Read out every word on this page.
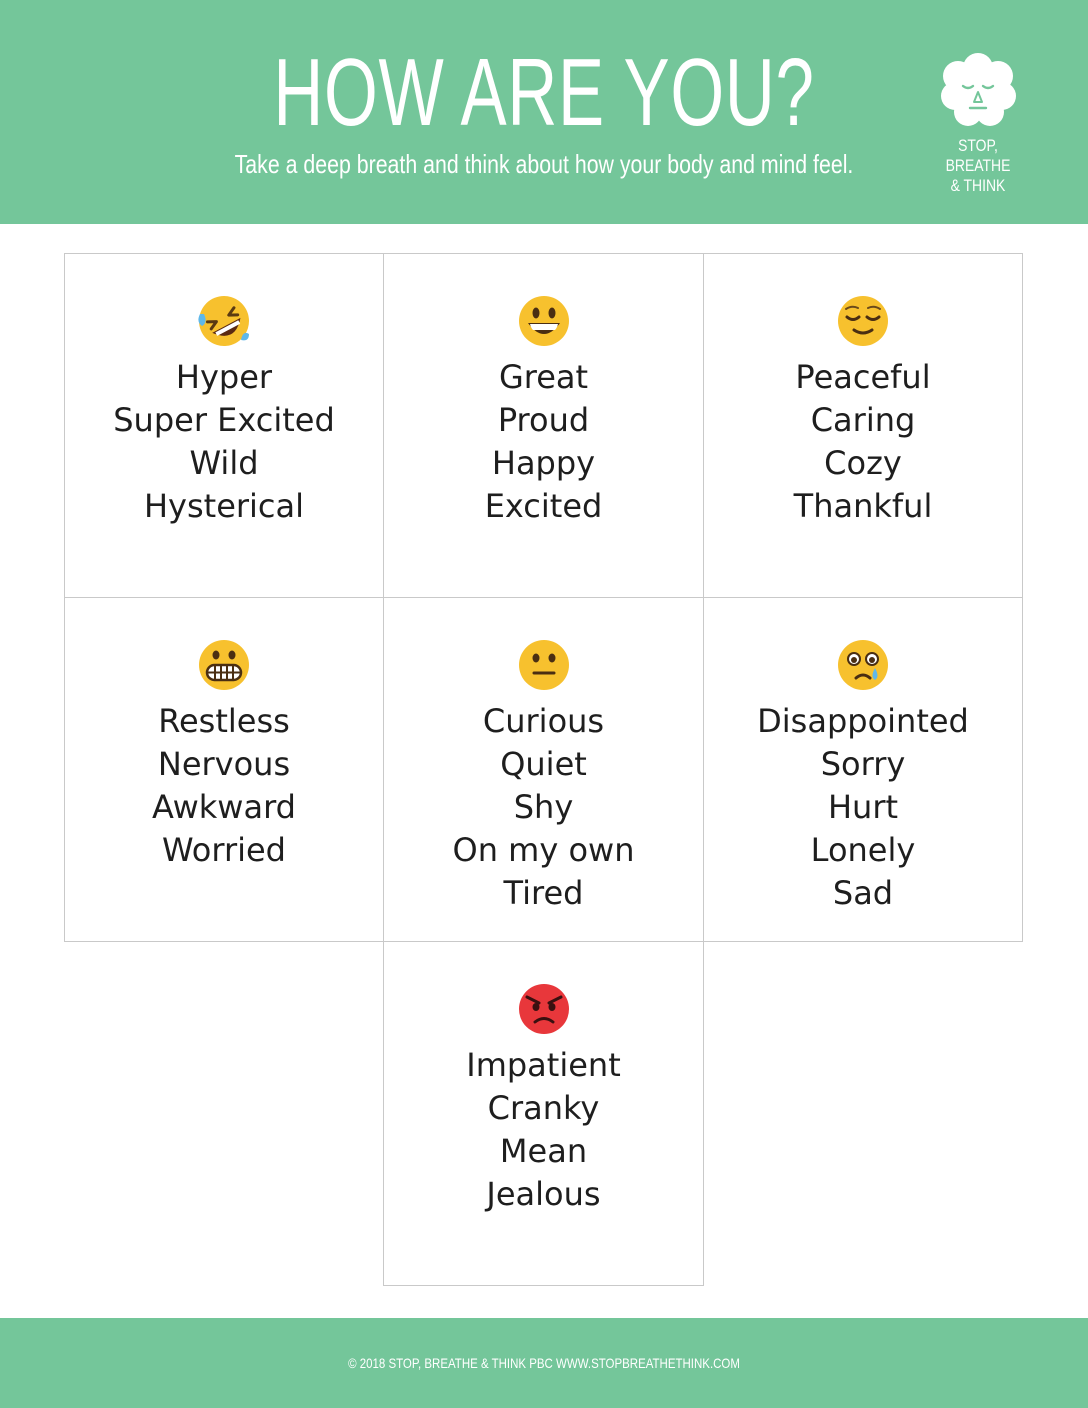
HOW ARE YOU?
Take a deep breath and think about how your body and mind feel.
STOP, BREATHE
& THINK
Hyper
Super Excited
Wild
Hysterical
Great
Proud
Happy
Excited
Peaceful
Caring
Cozy
Thankful
Restless
Nervous
Awkward
Worried
Curious
Quiet
Shy
On my own
Tired
Disappointed
Sorry
Hurt
Lonely
Sad
Impatient
Cranky
Mean
Jealous
© 2018 STOP, BREATHE & THINK PBC WWW.STOPBREATHETHINK.COM
